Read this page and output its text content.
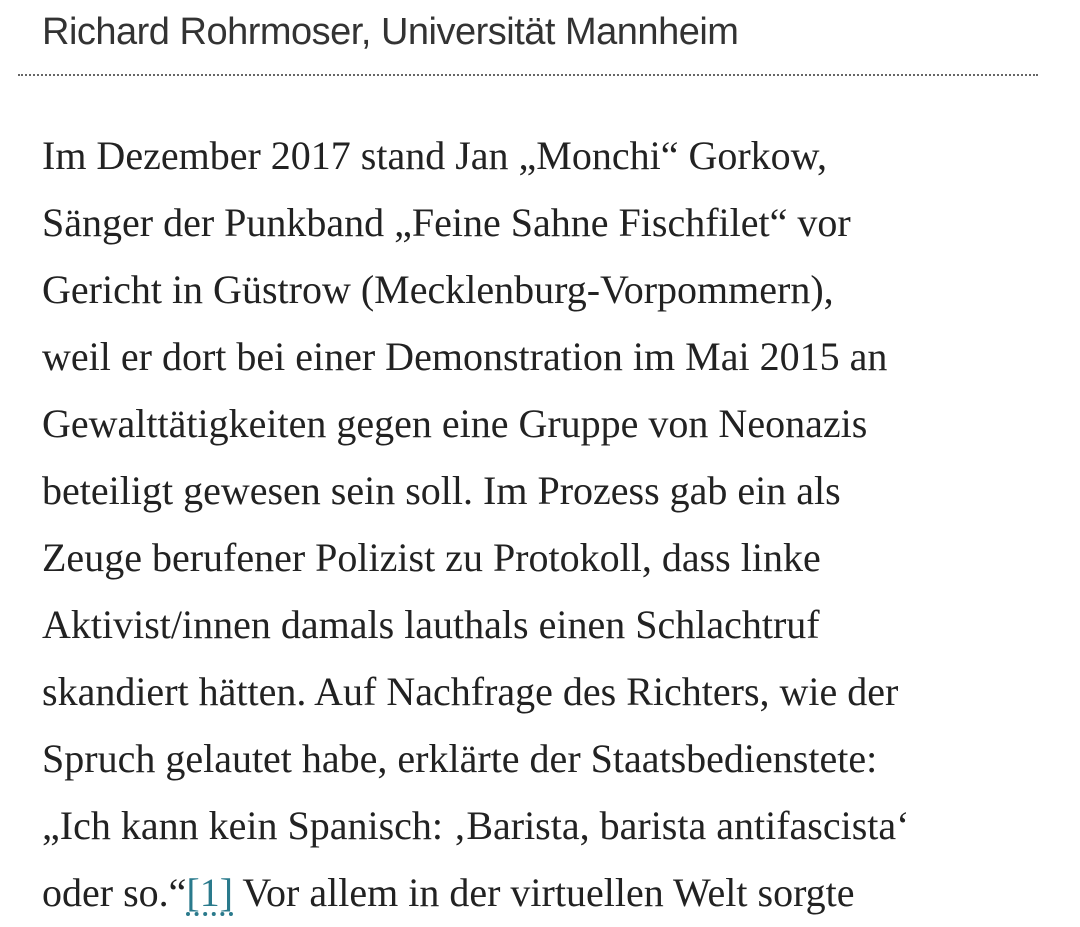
Richard Rohrmoser, Universität Mannheim
Im Dezember 2017 stand Jan „Monchi“ Gorkow,
Sänger der Punkband „Feine Sahne Fischfilet“ vor
Gericht in Güstrow (Mecklenburg-Vorpommern),
weil er dort bei einer Demonstration im Mai 2015 an
Gewalttätigkeiten gegen eine Gruppe von Neonazis
beteiligt gewesen sein soll. Im Prozess gab ein als
Zeuge berufener Polizist zu Protokoll, dass linke
Aktivist/innen damals lauthals einen Schlachtruf
skandiert hätten. Auf Nachfrage des Richters, wie der
Spruch gelautet habe, erklärte der Staatsbedienstete:
„Ich kann kein Spanisch: ‚Barista, barista antifascista‘
oder so.“[1] Vor allem in der virtuellen Welt sorgte
